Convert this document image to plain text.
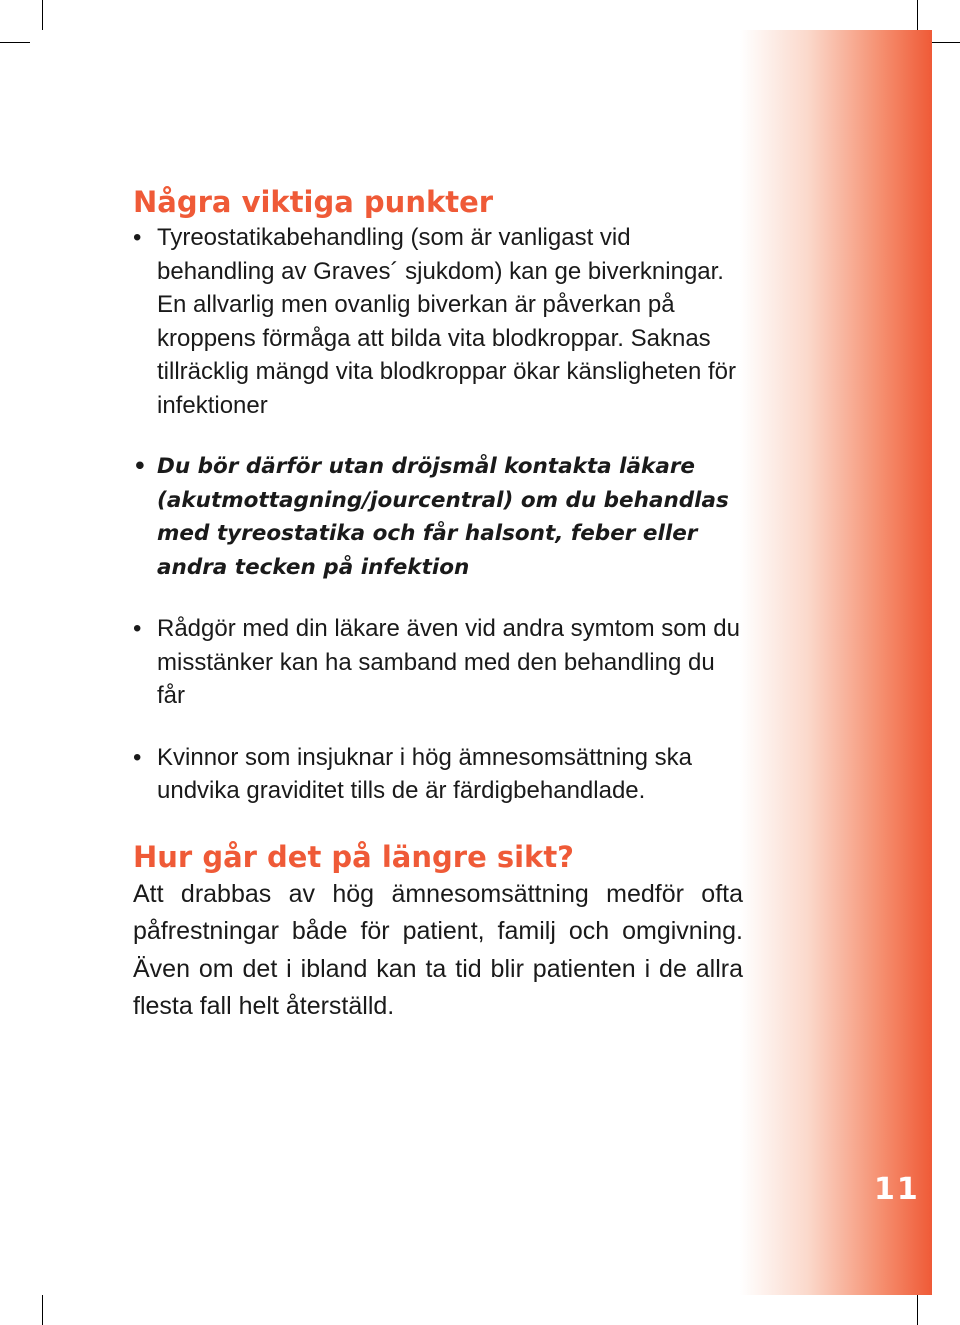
11
Några viktiga punkter
• Tyreostatikabehandling (som är vanligast vid behandling av Graves´ sjukdom) kan ge biverkningar. En allvarlig men ovanlig biverkan är påverkan på kroppens förmåga att bilda vita blodkroppar. Saknas tillräcklig mängd vita blodkroppar ökar känsligheten för infektioner
• Du bör därför utan dröjsmål kontakta läkare (akutmottagning/jourcentral) om du behandlas med tyreostatika och får halsont, feber eller andra tecken på infektion
• Rådgör med din läkare även vid andra symtom som du misstänker kan ha samband med den behandling du får
• Kvinnor som insjuknar i hög ämnesomsättning ska undvika graviditet tills de är färdigbehandlade.
Hur går det på längre sikt?

Att drabbas av hög ämnesomsättning medför ofta påfrestningar både för patient, familj och omgivning. Även om det i ibland kan ta tid blir patienten i de allra flesta fall helt återställd.
